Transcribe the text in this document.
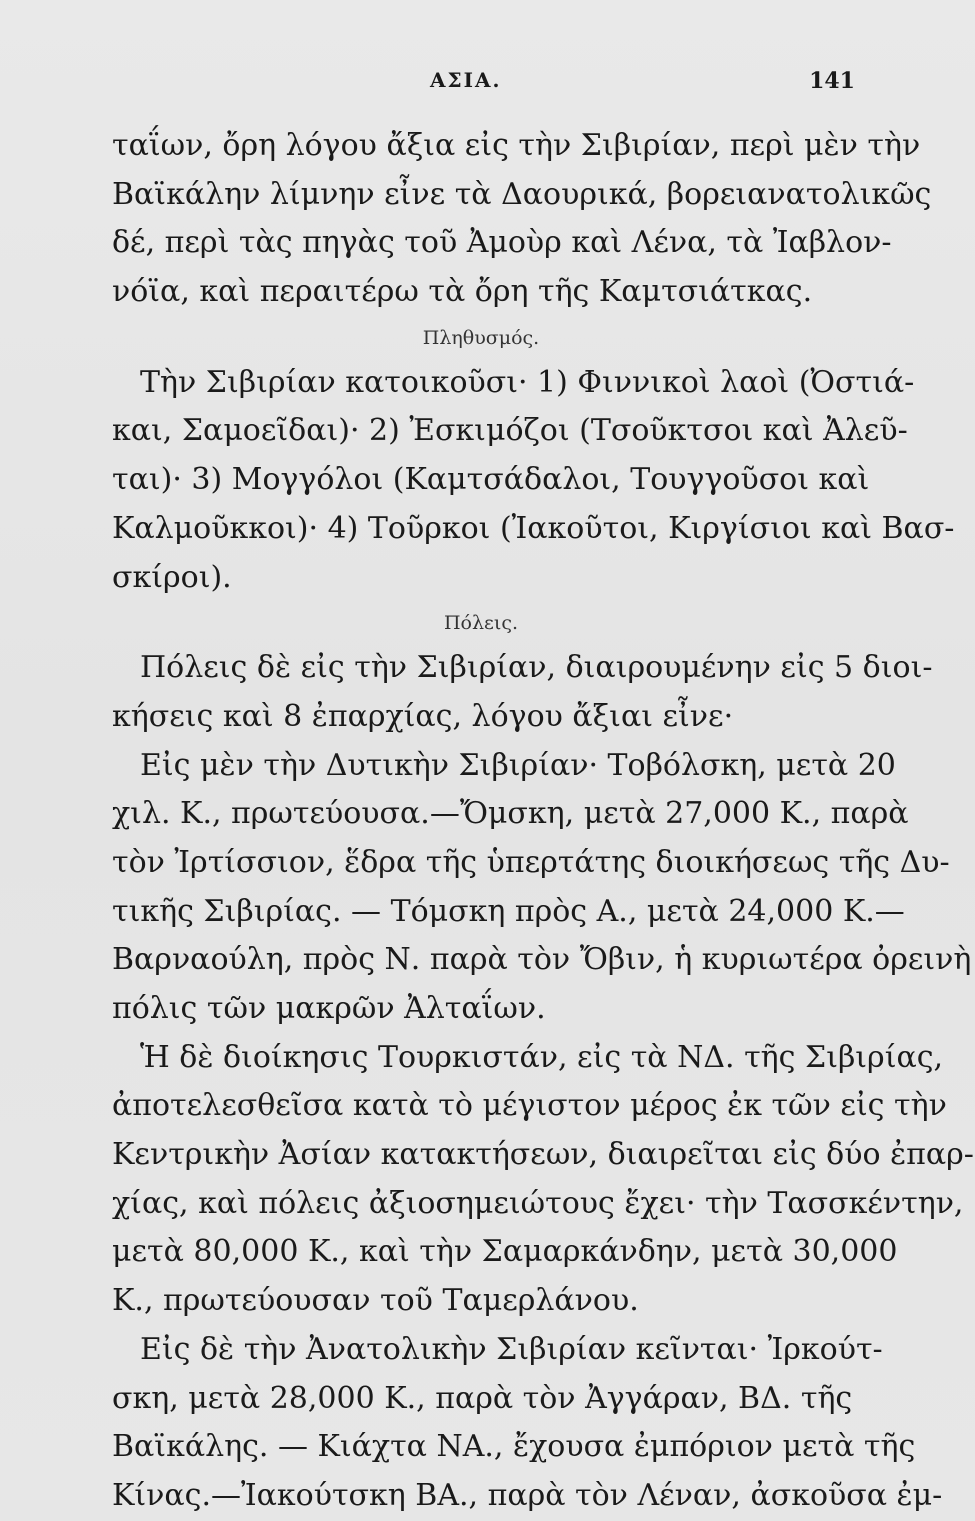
ΑΣΙΑ.	141
ταΐων, ὄρη λόγου ἄξια εἰς τὴν Σιβιρίαν, περὶ μὲν τὴν
Βαϊκάλην λίμνην εἶνε τὰ Δαουρικά, βορειανατολικῶς
δέ, περὶ τὰς πηγὰς τοῦ Ἀμοὺρ καὶ Λένα, τὰ Ἰαβλον-
νόϊα, καὶ περαιτέρω τὰ ὄρη τῆς Καμτσιάτκας.
Πληθυσμός.
Τὴν Σιβιρίαν κατοικοῦσι· 1) Φιννικοὶ λαοὶ (Ὀστιά-
και, Σαμοεῖδαι)· 2) Ἐσκιμόζοι (Τσοῦκτσοι καὶ Ἀλεῦ-
ται)· 3) Μογγόλοι (Καμτσάδαλοι, Τουγγοῦσοι καὶ
Καλμοῦκκοι)· 4) Τοῦρκοι (Ἰακοῦτοι, Κιργίσιοι καὶ Βασ-
σκίροι).
Πόλεις.
Πόλεις δὲ εἰς τὴν Σιβιρίαν, διαιρουμένην εἰς 5 διοι-
κήσεις καὶ 8 ἐπαρχίας, λόγου ἄξιαι εἶνε·
Εἰς μὲν τὴν Δυτικὴν Σιβιρίαν· Τοβόλσκη, μετὰ 20
χιλ. Κ., πρωτεύουσα.—Ὄμσκη, μετὰ 27,000 Κ., παρὰ
τὸν Ἰρτίσσιον, ἕδρα τῆς ὑπερτάτης διοικήσεως τῆς Δυ-
τικῆς Σιβιρίας. — Τόμσκη πρὸς Α., μετὰ 24,000 Κ.—
Βαρναούλη, πρὸς Ν. παρὰ τὸν Ὄβιν, ἡ κυριωτέρα ὀρεινὴ
πόλις τῶν μακρῶν Ἀλταΐων.
Ἡ δὲ διοίκησις Τουρκιστάν, εἰς τὰ ΝΔ. τῆς Σιβιρίας,
ἀποτελεσθεῖσα κατὰ τὸ μέγιστον μέρος ἐκ τῶν εἰς τὴν
Κεντρικὴν Ἀσίαν κατακτήσεων, διαιρεῖται εἰς δύο ἐπαρ-
χίας, καὶ πόλεις ἀξιοσημειώτους ἔχει· τὴν Τασσκέντην,
μετὰ 80,000 Κ., καὶ τὴν Σαμαρκάνδην, μετὰ 30,000
Κ., πρωτεύουσαν τοῦ Ταμερλάνου.
Εἰς δὲ τὴν Ἀνατολικὴν Σιβιρίαν κεῖνται· Ἰρκούτ-
σκη, μετὰ 28,000 Κ., παρὰ τὸν Ἀγγάραν, ΒΔ. τῆς
Βαϊκάλης. — Κιάχτα ΝΑ., ἔχουσα ἐμπόριον μετὰ τῆς
Κίνας.—Ἰακούτσκη ΒΑ., παρὰ τὸν Λέναν, ἀσκοῦσα ἐμ-
